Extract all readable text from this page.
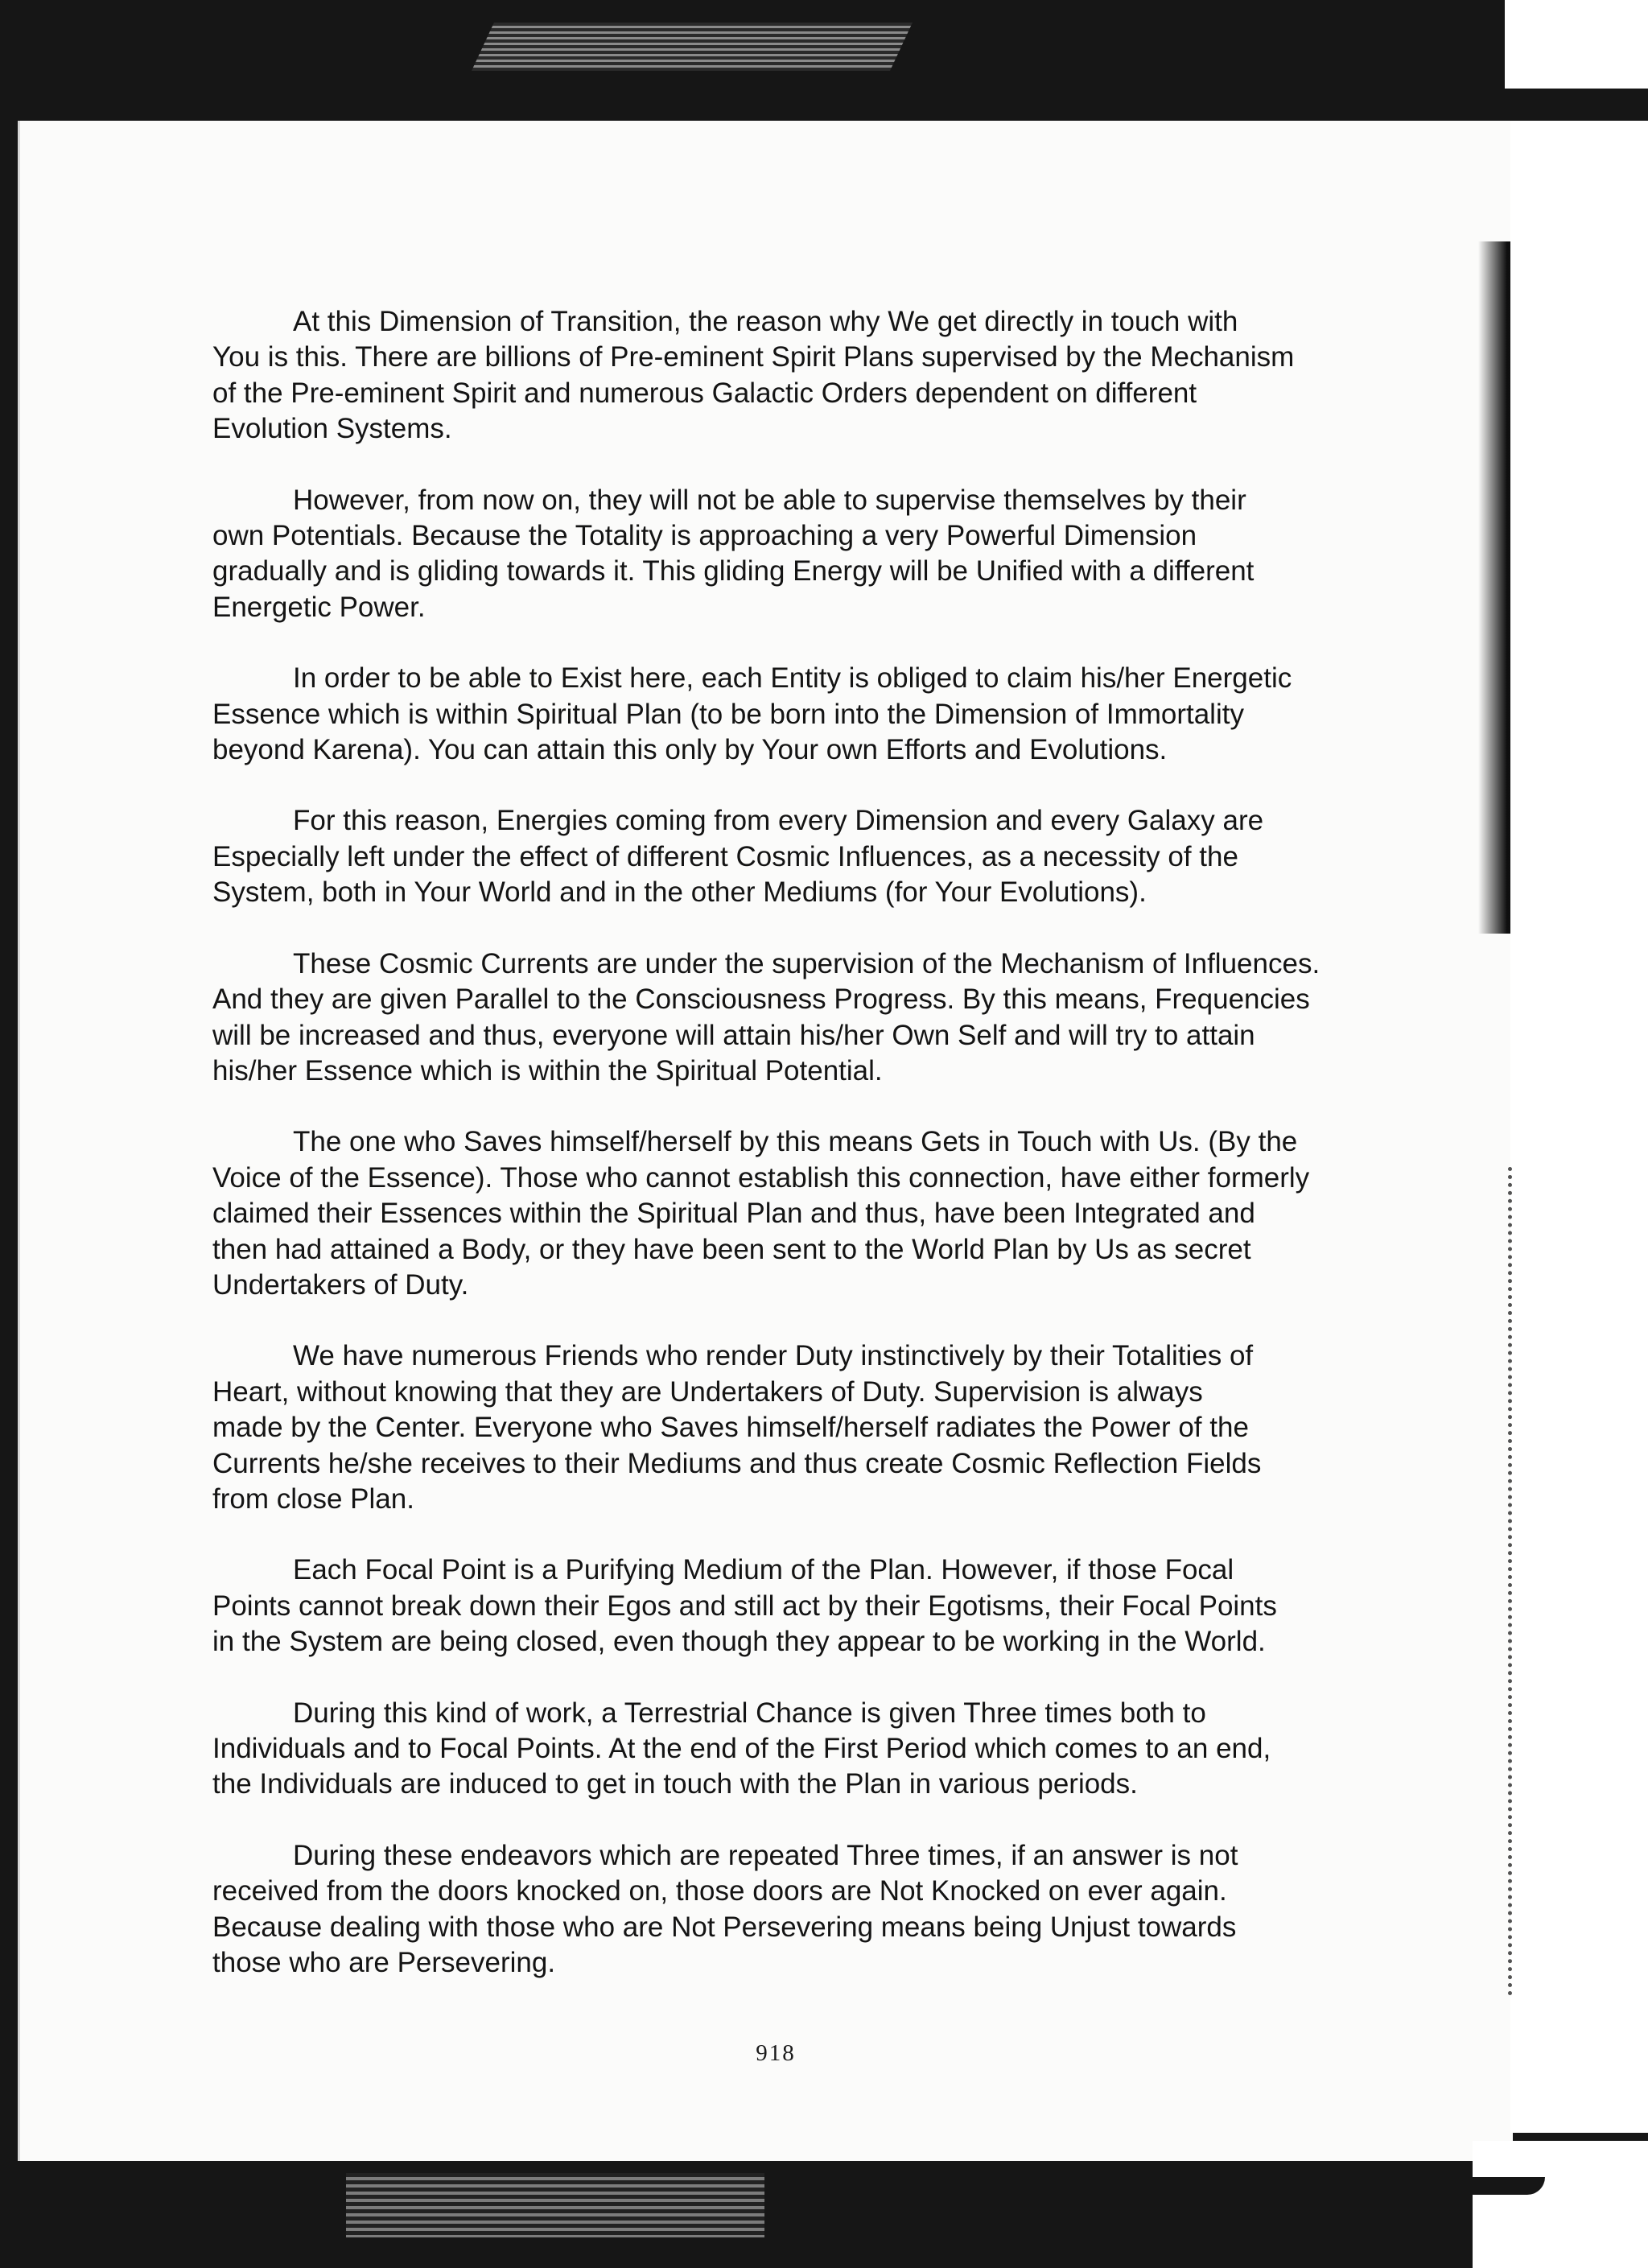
At this Dimension of Transition, the reason why We get directly in touch with
You is this. There are billions of Pre-eminent Spirit Plans supervised by the Mechanism
of the Pre-eminent Spirit and numerous Galactic Orders dependent on different
Evolution Systems.

However, from now on, they will not be able to supervise themselves by their
own Potentials. Because the Totality is approaching a very Powerful Dimension
gradually and is gliding towards it. This gliding Energy will be Unified with a different
Energetic Power.

In order to be able to Exist here, each Entity is obliged to claim his/her Energetic
Essence which is within Spiritual Plan (to be born into the Dimension of Immortality
beyond Karena). You can attain this only by Your own Efforts and Evolutions.

For this reason, Energies coming from every Dimension and every Galaxy are
Especially left under the effect of different Cosmic Influences, as a necessity of the
System, both in Your World and in the other Mediums (for Your Evolutions).

These Cosmic Currents are under the supervision of the Mechanism of Influences.
And they are given Parallel to the Consciousness Progress. By this means, Frequencies
will be increased and thus, everyone will attain his/her Own Self and will try to attain
his/her Essence which is within the Spiritual Potential.

The one who Saves himself/herself by this means Gets in Touch with Us. (By the
Voice of the Essence). Those who cannot establish this connection, have either formerly
claimed their Essences within the Spiritual Plan and thus, have been Integrated and
then had attained a Body, or they have been sent to the World Plan by Us as secret
Undertakers of Duty.

We have numerous Friends who render Duty instinctively by their Totalities of
Heart, without knowing that they are Undertakers of Duty. Supervision is always
made by the Center. Everyone who Saves himself/herself radiates the Power of the
Currents he/she receives to their Mediums and thus create Cosmic Reflection Fields
from close Plan.

Each Focal Point is a Purifying Medium of the Plan. However, if those Focal
Points cannot break down their Egos and still act by their Egotisms, their Focal Points
in the System are being closed, even though they appear to be working in the World.

During this kind of work, a Terrestrial Chance is given Three times both to
Individuals and to Focal Points. At the end of the First Period which comes to an end,
the Individuals are induced to get in touch with the Plan in various periods.

During these endeavors which are repeated Three times, if an answer is not
received from the doors knocked on, those doors are Not Knocked on ever again.
Because dealing with those who are Not Persevering means being Unjust towards
those who are Persevering.

918
